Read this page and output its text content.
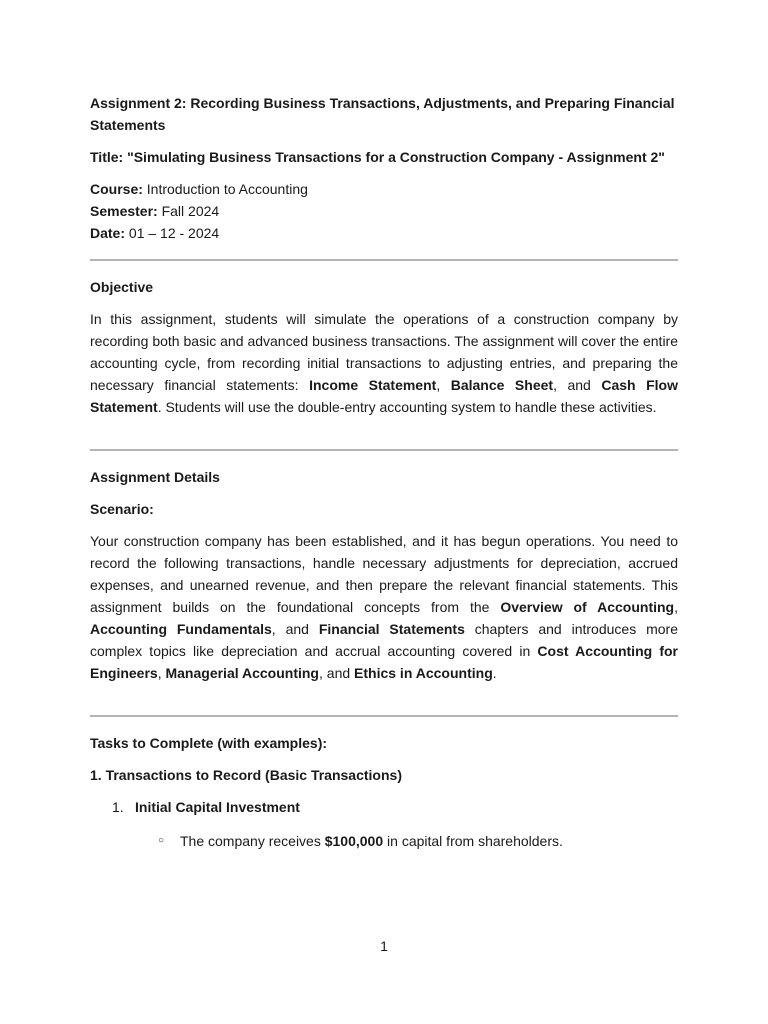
Assignment 2: Recording Business Transactions, Adjustments, and Preparing Financial Statements

Title: "Simulating Business Transactions for a Construction Company - Assignment 2"

Course: Introduction to Accounting

Semester: Fall 2024

Date: 01 – 12 - 2024

Objective

In this assignment, students will simulate the operations of a construction company by recording both basic and advanced business transactions. The assignment will cover the entire accounting cycle, from recording initial transactions to adjusting entries, and preparing the necessary financial statements: Income Statement, Balance Sheet, and Cash Flow Statement. Students will use the double-entry accounting system to handle these activities.

Assignment Details

Scenario:

Your construction company has been established, and it has begun operations. You need to record the following transactions, handle necessary adjustments for depreciation, accrued expenses, and unearned revenue, and then prepare the relevant financial statements. This assignment builds on the foundational concepts from the Overview of Accounting, Accounting Fundamentals, and Financial Statements chapters and introduces more complex topics like depreciation and accrual accounting covered in Cost Accounting for Engineers, Managerial Accounting, and Ethics in Accounting.

Tasks to Complete (with examples):

1. Transactions to Record (Basic Transactions)

1. Initial Capital Investment
○	The company receives $100,000 in capital from shareholders.
1
